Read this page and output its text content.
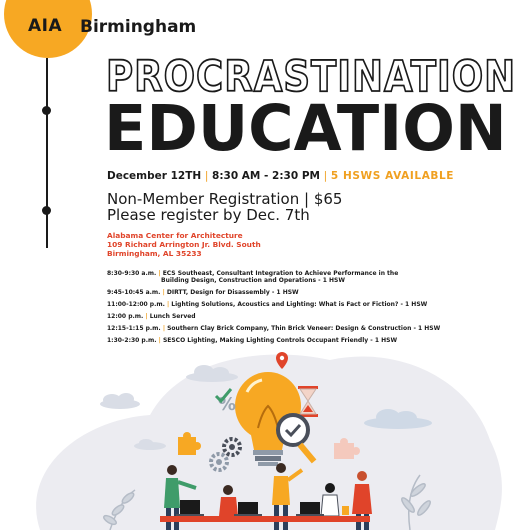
AIA Birmingham
PROCRASTINATION
EDUCATION
December 12TH | 8:30 AM - 2:30 PM | 5 HSWS AVAILABLE
Non-Member Registration | $65
Please register by Dec. 7th
Alabama Center for Architecture
109 Richard Arrington Jr. Blvd. South
Birmingham, AL 35233
8:30-9:30 a.m. | ECS Southeast, Consultant Integration to Achieve Performance in the
Building Design, Construction and Operations - 1 HSW
9:45-10:45 a.m. | DIRTT, Design for Disassembly - 1 HSW
11:00-12:00 p.m. | Lighting Solutions, Acoustics and Lighting: What is Fact or Fiction? - 1 HSW
12:00 p.m. | Lunch Served
12:15-1:15 p.m. | Southern Clay Brick Company, Thin Brick Veneer: Design & Construction - 1 HSW
1:30-2:30 p.m. | SESCO Lighting, Making Lighting Controls Occupant Friendly - 1 HSW
%
